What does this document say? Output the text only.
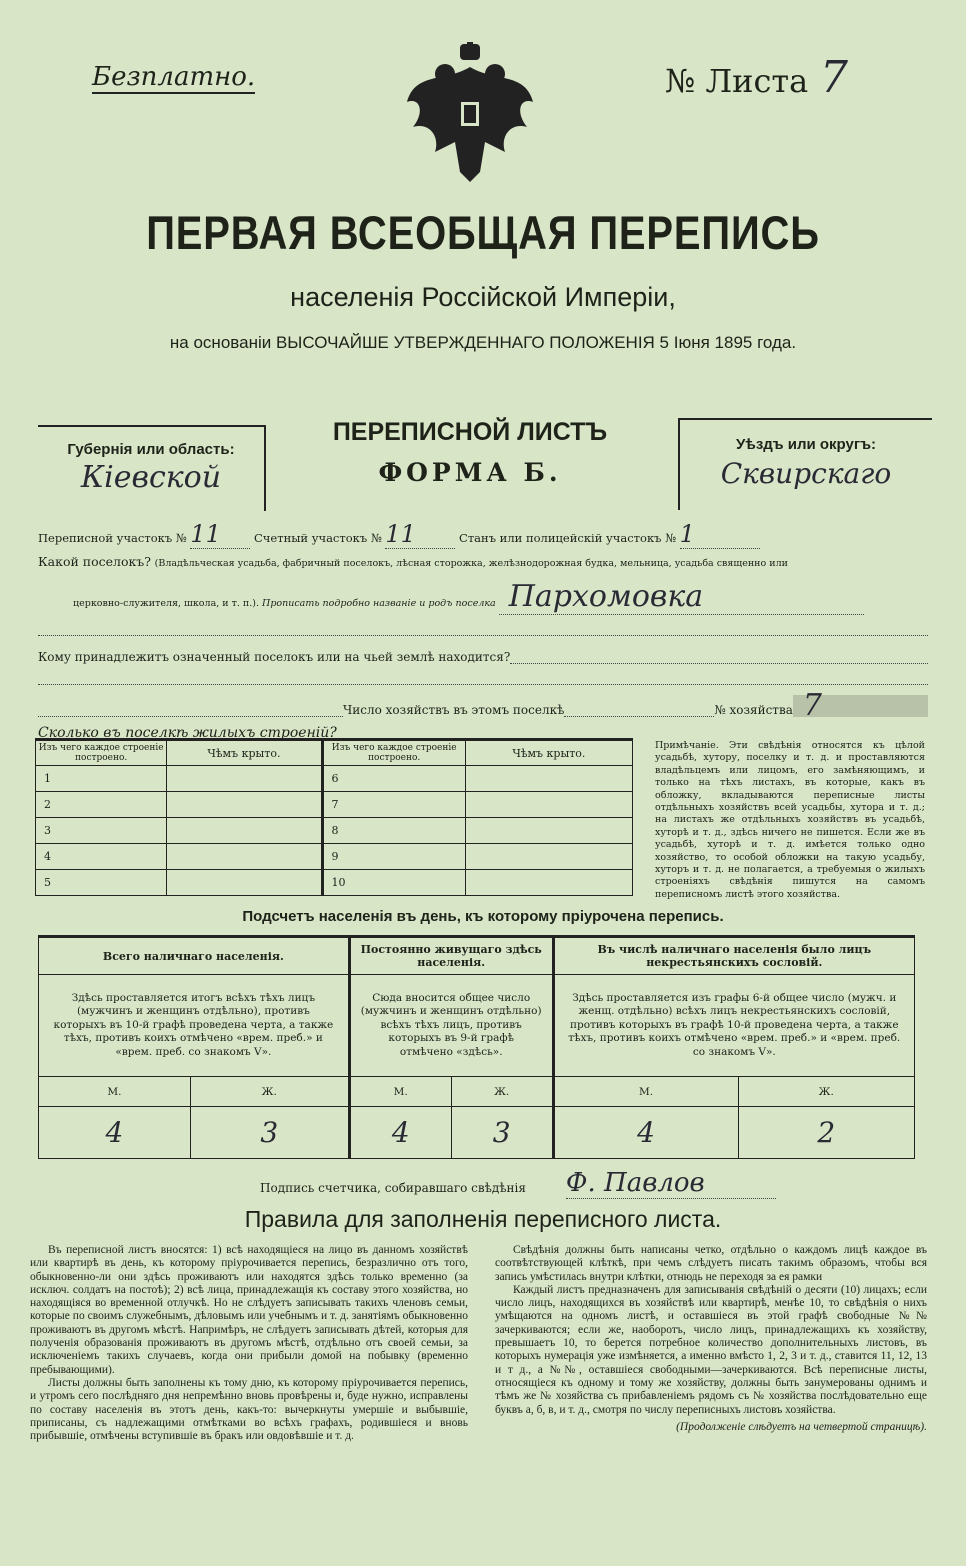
Безплатно.	№ Листа 7
ПЕРВАЯ ВСЕОБЩАЯ ПЕРЕПИСЬ
населенія Россійской Имперіи,
на основаніи ВЫСОЧАЙШЕ УТВЕРЖДЕННАГО ПОЛОЖЕНІЯ 5 Іюня 1895 года.
Губернія или область:
Кіевской
ПЕРЕПИСНОЙ ЛИСТЪ
ФОРМА Б.
Уѣздъ или округъ:
Сквирскаго
Переписной участокъ № 11	Счетный участокъ № 11	Станъ или полицейскій участокъ № 1
Какой поселокъ? (Владѣльческая усадьба, фабричный поселокъ, лѣсная сторожка, желѣзнодорожная будка, мельница, усадьба священно или
церковно-служителя, школа, и т. п.). Прописать подробно названіе и родъ поселка Пархомовка
Кому принадлежитъ означенный поселокъ или на чьей землѣ находится?
Число хозяйствъ въ этомъ поселкѣ	№ хозяйства 7
Сколько въ поселкѣ жилыхъ строеній?
Изъ чего каждое строеніе построено.	Чѣмъ крыто.	Изъ чего каждое строеніе построено.	Чѣмъ крыто.
1		6	
2		7	
3		8	
4		9	
5		10	
Примѣчаніе. Эти свѣдѣнія относятся къ цѣлой усадьбѣ, хутору, поселку и т. д. и проставляются владѣльцемъ или лицомъ, его замѣняющимъ, и только на тѣхъ листахъ, въ которые, какъ въ обложку, вкладываются переписные листы отдѣльныхъ хозяйствъ всей усадьбы, хутора и т. д.; на листахъ же отдѣльныхъ хозяйствъ въ усадьбѣ, хуторѣ и т. д., здѣсь ничего не пишется. Если же въ усадьбѣ, хуторѣ и т. д. имѣется только одно хозяйство, то особой обложки на такую усадьбу, хуторъ и т. д. не полагается, а требуемыя о жилыхъ строеніяхъ свѣдѣнія пишутся на самомъ переписномъ листѣ этого хозяйства.
Подсчетъ населенія въ день, къ которому пріурочена перепись.
Всего наличнаго населенія.		Постоянно живущаго здѣсь населенія.		Въ числѣ наличнаго населенія было лицъ некрестьянскихъ сословій.	
Здѣсь проставляется итогъ всѣхъ тѣхъ лицъ (мужчинъ и женщинъ отдѣльно), противъ которыхъ въ 10-й графѣ проведена черта, а также тѣхъ, противъ коихъ отмѣчено «врем. преб.» и «врем. преб. со знакомъ V».		Сюда вносится общее число (мужчинъ и женщинъ отдѣльно) всѣхъ тѣхъ лицъ, противъ которыхъ въ 9-й графѣ отмѣчено «здѣсь».		Здѣсь проставляется изъ графы 6-й общее число (мужч. и женщ. отдѣльно) всѣхъ лицъ некрестьянскихъ сословій, противъ которыхъ въ графѣ 10-й проведена черта, а также тѣхъ, противъ коихъ отмѣчено «врем. преб.» и «врем. преб. со знакомъ V».	
М.	Ж.	М.	Ж.	М.	Ж.
4	3	4	3	4	2
Подпись счетчика, собиравшаго свѣдѣнія Ф. Павлов
Правила для заполненія переписного листа.

Въ переписной листъ вносятся: 1) всѣ находящіеся на лицо въ данномъ хозяйствѣ или квартирѣ въ день, къ которому пріурочивается перепись, безразлично отъ того, обыкновенно-ли они здѣсь проживаютъ или находятся здѣсь только временно (за исключ. солдатъ на постоѣ); 2) всѣ лица, принадлежащія къ составу этого хозяйства, но находящіяся во временной отлучкѣ. Но не слѣдуетъ записывать такихъ членовъ семьи, которые по своимъ служебнымъ, дѣловымъ или учебнымъ и т. д. занятіямъ обыкновенно проживаютъ въ другомъ мѣстѣ. Напримѣръ, не слѣдуетъ записывать дѣтей, которыя для полученія образованія проживаютъ въ другомъ мѣстѣ, отдѣльно отъ своей семьи, за исключеніемъ такихъ случаевъ, когда они прибыли домой на побывку (временно пребывающими).

Листы должны быть заполнены къ тому дню, къ которому пріурочивается перепись, и утромъ сего послѣдняго дня непремѣнно вновь провѣрены и, буде нужно, исправлены по составу населенія въ этотъ день, какъ-то: вычеркнуты умершіе и выбывшіе, приписаны, съ надлежащими отмѣтками во всѣхъ графахъ, родившіеся и вновь прибывшіе, отмѣчены вступившіе въ бракъ или овдовѣвшіе и т. д.

Свѣдѣнія должны быть написаны четко, отдѣльно о каждомъ лицѣ каждое въ соотвѣтствующей клѣткѣ, при чемъ слѣдуетъ писать такимъ образомъ, чтобы вся запись умѣстилась внутри клѣтки, отнюдь не переходя за ея рамки

Каждый листъ предназначенъ для записыванія свѣдѣній о десяти (10) лицахъ; если число лицъ, находящихся въ хозяйствѣ или квартирѣ, менѣе 10, то свѣдѣнія о нихъ умѣщаются на одномъ листѣ, и оставшіеся въ этой графѣ свободные №№ зачеркиваются; если же, наоборотъ, число лицъ, принадлежащихъ къ хозяйству, превышаетъ 10, то берется потребное количество дополнительныхъ листовъ, въ которыхъ нумерація уже измѣняется, а именно вмѣсто 1, 2, 3 и т. д., ставится 11, 12, 13 и т д., а №№, оставшіеся свободными—зачеркиваются. Всѣ переписные листы, относящіеся къ одному и тому же хозяйству, должны быть занумерованы однимъ и тѣмъ же № хозяйства съ прибавленіемъ рядомъ съ № хозяйства послѣдовательно еще буквъ а, б, в, и т. д., смотря по числу переписныхъ листовъ хозяйства.

(Продолженіе слѣдуетъ на четвертой страницѣ).
